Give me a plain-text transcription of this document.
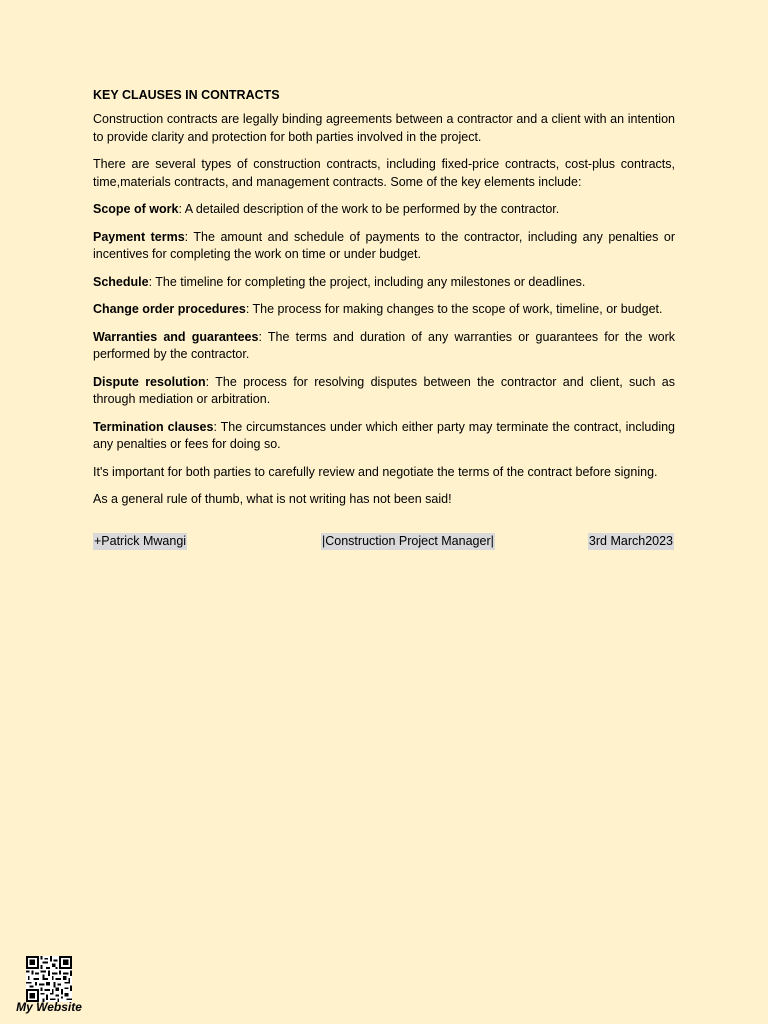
KEY CLAUSES IN CONTRACTS

Construction contracts are legally binding agreements between a contractor and a client with an intention to provide clarity and protection for both parties involved in the project.

There are several types of construction contracts, including fixed-price contracts, cost-plus contracts, time,materials contracts, and management contracts. Some of the key elements include:

Scope of work: A detailed description of the work to be performed by the contractor.

Payment terms: The amount and schedule of payments to the contractor, including any penalties or incentives for completing the work on time or under budget.

Schedule: The timeline for completing the project, including any milestones or deadlines.

Change order procedures: The process for making changes to the scope of work, timeline, or budget.

Warranties and guarantees: The terms and duration of any warranties or guarantees for the work performed by the contractor.

Dispute resolution: The process for resolving disputes between the contractor and client, such as through mediation or arbitration.

Termination clauses: The circumstances under which either party may terminate the contract, including any penalties or fees for doing so.

It's important for both parties to carefully review and negotiate the terms of the contract before signing.

As a general rule of thumb, what is not writing has not been said!

+Patrick Mwangi	|Construction Project Manager|	3rd March2023
My Website
